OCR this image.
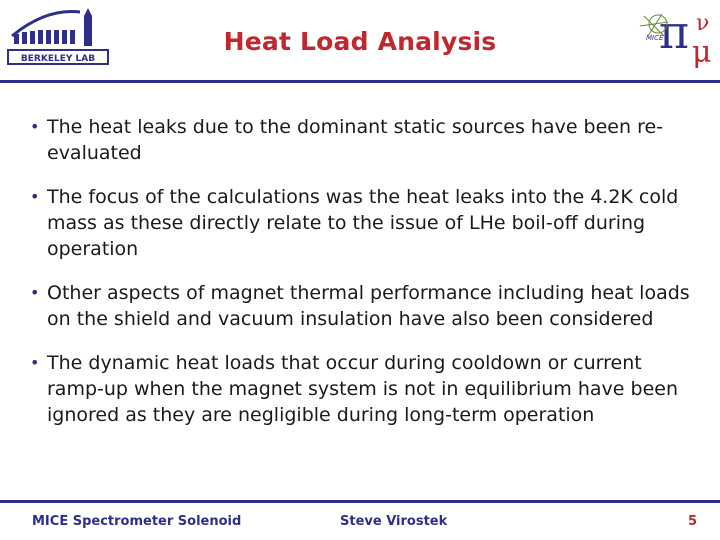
BERKELEY LAB
Heat Load Analysis	π μ
ν
MICE
• The heat leaks due to the dominant static sources have been re-evaluated
• The focus of the calculations was the heat leaks into the 4.2K cold mass as these directly relate to the issue of LHe boil-off during operation
• Other aspects of magnet thermal performance including heat loads on the shield and vacuum insulation have also been considered
• The dynamic heat loads that occur during cooldown or current ramp-up when the magnet system is not in equilibrium have been ignored as they are negligible during long-term operation
MICE Spectrometer Solenoid	Steve Virostek	5
